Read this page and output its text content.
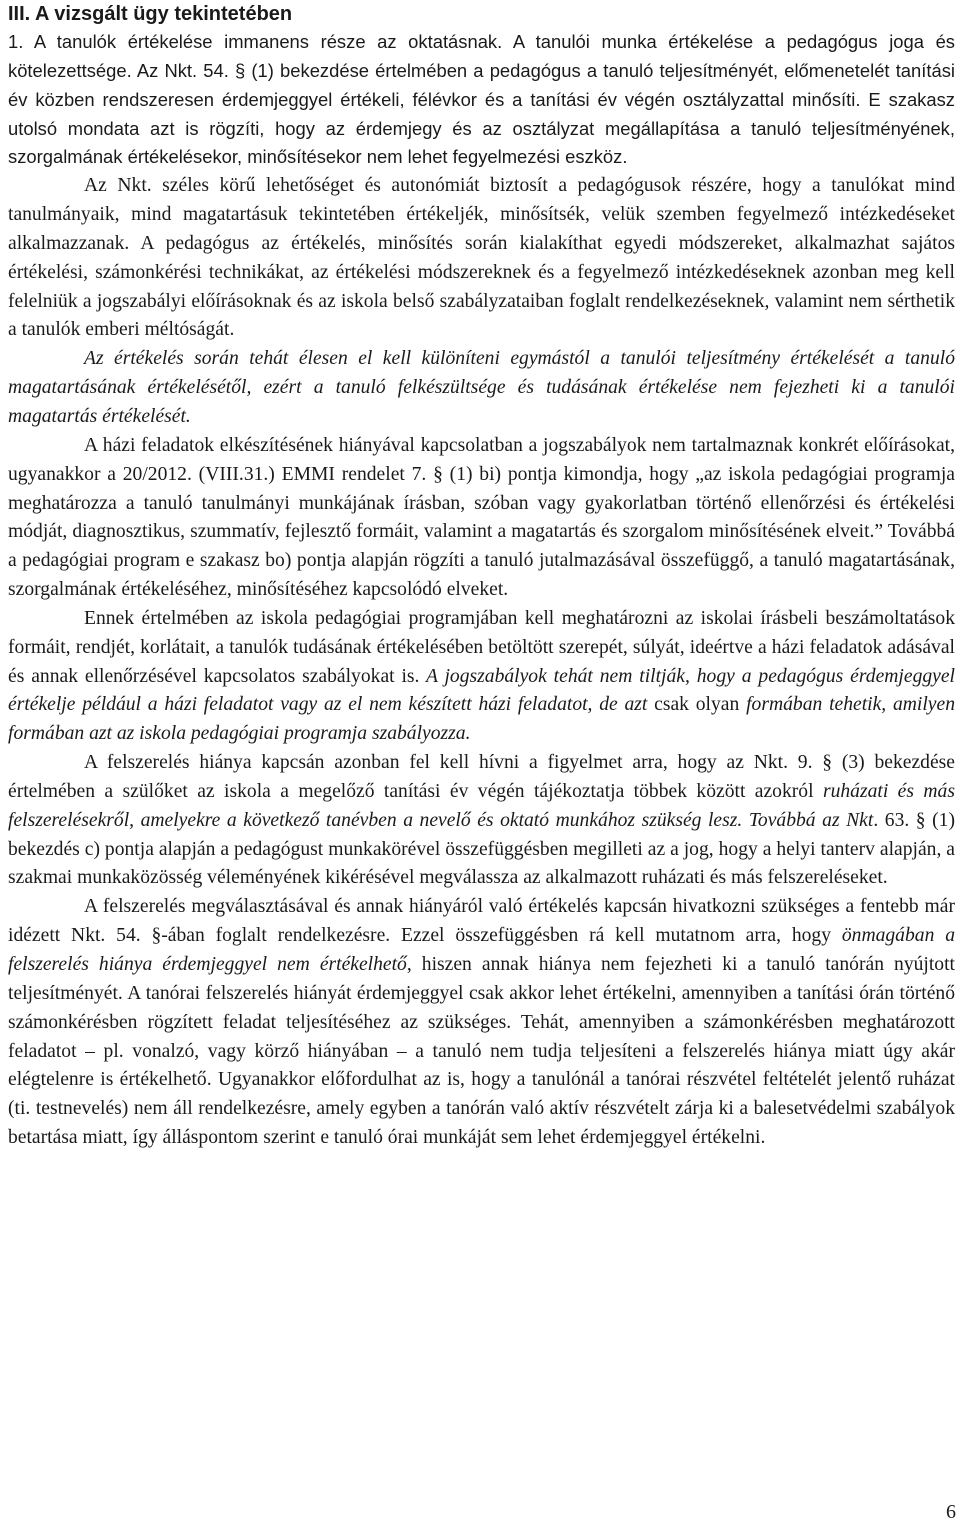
III. A vizsgált ügy tekintetében

1. A tanulók értékelése immanens része az oktatásnak. A tanulói munka értékelése a pedagógus joga és kötelezettsége. Az Nkt. 54. § (1) bekezdése értelmében a pedagógus a tanuló teljesítményét, előmenetelét tanítási év közben rendszeresen érdemjeggyel értékeli, félévkor és a tanítási év végén osztályzattal minősíti. E szakasz utolsó mondata azt is rögzíti, hogy az érdemjegy és az osztályzat megállapítása a tanuló teljesítményének, szorgalmának értékelésekor, minősítésekor nem lehet fegyelmezési eszköz.

Az Nkt. széles körű lehetőséget és autonómiát biztosít a pedagógusok részére, hogy a tanulókat mind tanulmányaik, mind magatartásuk tekintetében értékeljék, minősítsék, velük szemben fegyelmező intézkedéseket alkalmazzanak. A pedagógus az értékelés, minősítés során kialakíthat egyedi módszereket, alkalmazhat sajátos értékelési, számonkérési technikákat, az értékelési módszereknek és a fegyelmező intézkedéseknek azonban meg kell felelniük a jogszabályi előírásoknak és az iskola belső szabályzataiban foglalt rendelkezéseknek, valamint nem sérthetik a tanulók emberi méltóságát.

Az értékelés során tehát élesen el kell különíteni egymástól a tanulói teljesítmény értékelését a tanuló magatartásának értékelésétől, ezért a tanuló felkészültsége és tudásának értékelése nem fejezheti ki a tanulói magatartás értékelését.

A házi feladatok elkészítésének hiányával kapcsolatban a jogszabályok nem tartalmaznak konkrét előírásokat, ugyanakkor a 20/2012. (VIII.31.) EMMI rendelet 7. § (1) bi) pontja kimondja, hogy „az iskola pedagógiai programja meghatározza a tanuló tanulmányi munkájának írásban, szóban vagy gyakorlatban történő ellenőrzési és értékelési módját, diagnosztikus, szummatív, fejlesztő formáit, valamint a magatartás és szorgalom minősítésének elveit.” Továbbá a pedagógiai program e szakasz bo) pontja alapján rögzíti a tanuló jutalmazásával összefüggő, a tanuló magatartásának, szorgalmának értékeléséhez, minősítéséhez kapcsolódó elveket.

Ennek értelmében az iskola pedagógiai programjában kell meghatározni az iskolai írásbeli beszámoltatások formáit, rendjét, korlátait, a tanulók tudásának értékelésében betöltött szerepét, súlyát, ideértve a házi feladatok adásával és annak ellenőrzésével kapcsolatos szabályokat is. A jogszabályok tehát nem tiltják, hogy a pedagógus érdemjeggyel értékelje például a házi feladatot vagy az el nem készített házi feladatot, de azt csak olyan formában tehetik, amilyen formában azt az iskola pedagógiai programja szabályozza.

A felszerelés hiánya kapcsán azonban fel kell hívni a figyelmet arra, hogy az Nkt. 9. § (3) bekezdése értelmében a szülőket az iskola a megelőző tanítási év végén tájékoztatja többek között azokról ruházati és más felszerelésekről, amelyekre a következő tanévben a nevelő és oktató munkához szükség lesz. Továbbá az Nkt. 63. § (1) bekezdés c) pontja alapján a pedagógust munkakörével összefüggésben megilleti az a jog, hogy a helyi tanterv alapján, a szakmai munkaközösség véleményének kikérésével megválassza az alkalmazott ruházati és más felszereléseket.

A felszerelés megválasztásával és annak hiányáról való értékelés kapcsán hivatkozni szükséges a fentebb már idézett Nkt. 54. §-ában foglalt rendelkezésre. Ezzel összefüggésben rá kell mutatnom arra, hogy önmagában a felszerelés hiánya érdemjeggyel nem értékelhető, hiszen annak hiánya nem fejezheti ki a tanuló tanórán nyújtott teljesítményét. A tanórai felszerelés hiányát érdemjeggyel csak akkor lehet értékelni, amennyiben a tanítási órán történő számonkérésben rögzített feladat teljesítéséhez az szükséges. Tehát, amennyiben a számonkérésben meghatározott feladatot – pl. vonalzó, vagy körző hiányában – a tanuló nem tudja teljesíteni a felszerelés hiánya miatt úgy akár elégtelenre is értékelhető. Ugyanakkor előfordulhat az is, hogy a tanulónál a tanórai részvétel feltételét jelentő ruházat (ti. testnevelés) nem áll rendelkezésre, amely egyben a tanórán való aktív részvételt zárja ki a balesetvédelmi szabályok betartása miatt, így álláspontom szerint e tanuló órai munkáját sem lehet érdemjeggyel értékelni.

6
